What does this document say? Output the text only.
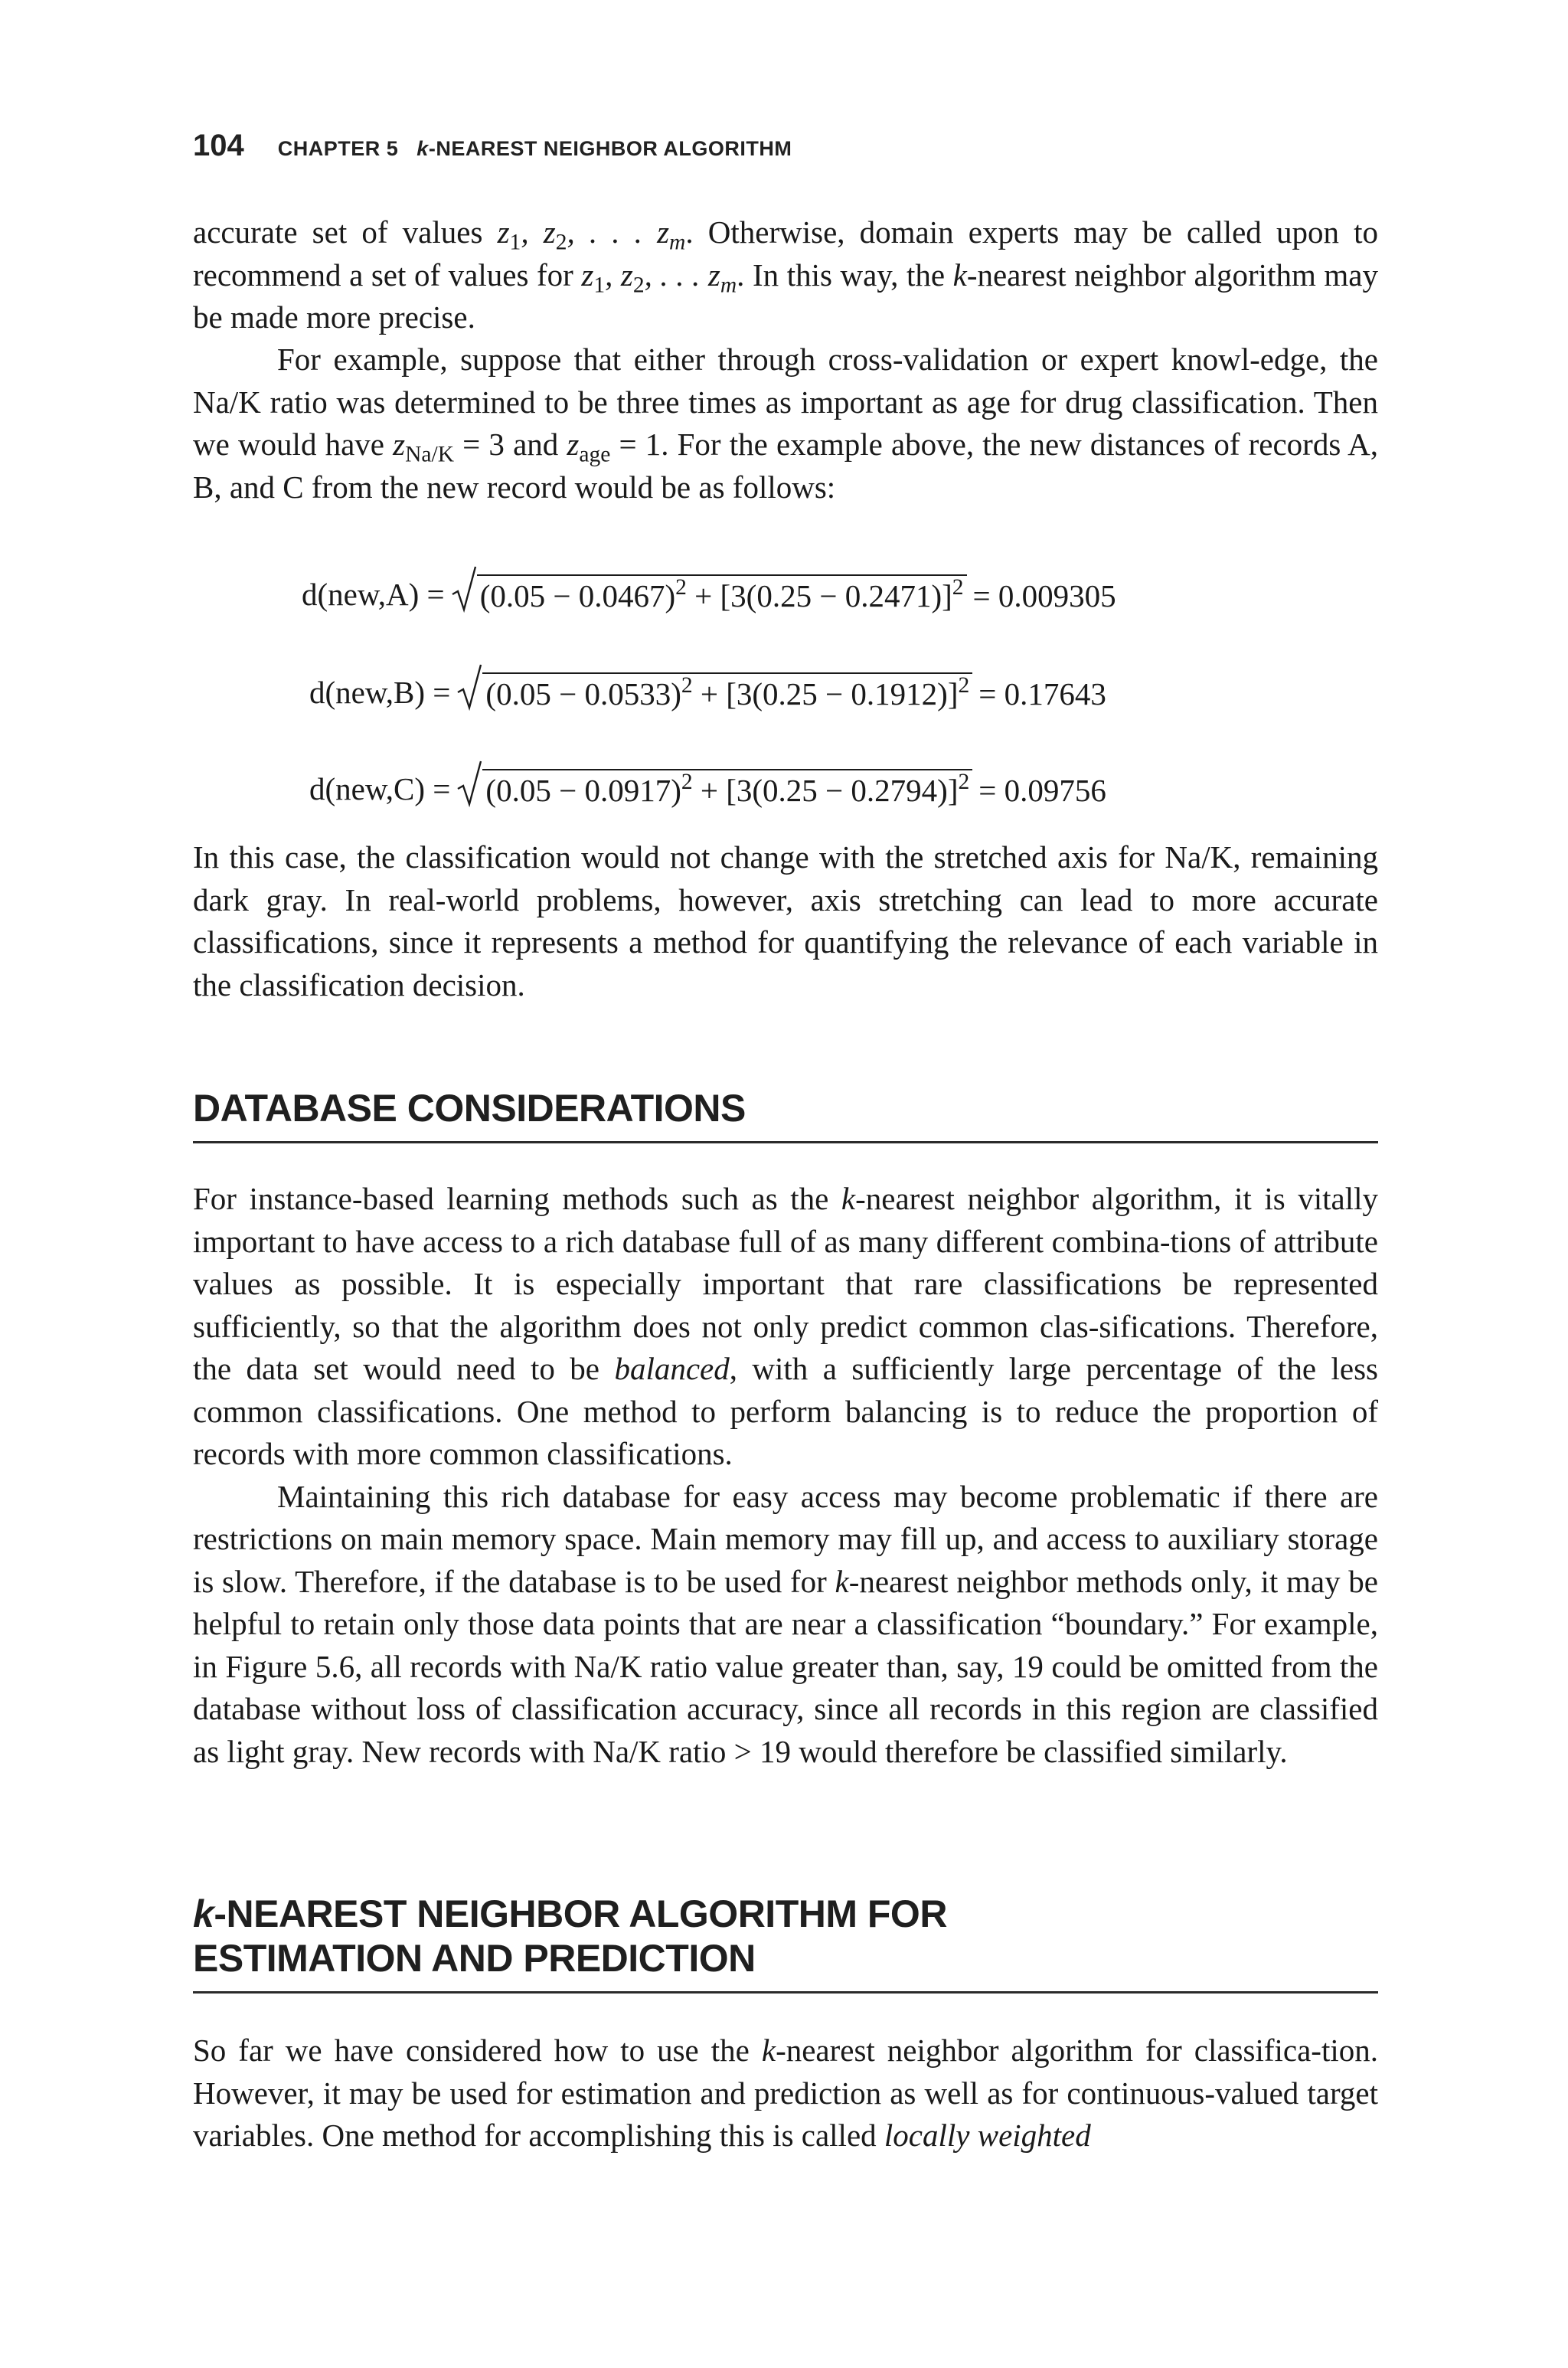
104 CHAPTER 5 k-NEAREST NEIGHBOR ALGORITHM

accurate set of values $z_1$, $z_2$, . . . $z_m$. Otherwise, domain experts may be called upon to recommend a set of values for $z_1$, $z_2$, . . . $z_m$. In this way, the k-nearest neighbor algorithm may be made more precise.

For example, suppose that either through cross-validation or expert knowl-edge, the Na/K ratio was determined to be three times as important as age for drug classification. Then we would have $z_{Na/K} = 3$ and $z_{age} = 1$. For the example above, the new distances of records A, B, and C from the new record would be as follows:

$d(new,A) = (0.05 - 0.0467)^2 + [3(0.25 - 0.2471)]^2 = 0.009305$
$d(new,B) = (0.05 - 0.0533)^2 + [3(0.25 - 0.1912)]^2 = 0.17643$
$d(new,C) = (0.05 - 0.0917)^2 + [3(0.25 - 0.2794)]^2 = 0.09756$

In this case, the classification would not change with the stretched axis for Na/K, remaining dark gray. In real-world problems, however, axis stretching can lead to more accurate classifications, since it represents a method for quantifying the relevance of each variable in the classification decision.

DATABASE CONSIDERATIONS

For instance-based learning methods such as the k-nearest neighbor algorithm, it is vitally important to have access to a rich database full of as many different combina-tions of attribute values as possible. It is especially important that rare classifications be represented sufficiently, so that the algorithm does not only predict common clas-sifications. Therefore, the data set would need to be balanced, with a sufficiently large percentage of the less common classifications. One method to perform balancing is to reduce the proportion of records with more common classifications.

Maintaining this rich database for easy access may become problematic if there are restrictions on main memory space. Main memory may fill up, and access to auxiliary storage is slow. Therefore, if the database is to be used for k-nearest neighbor methods only, it may be helpful to retain only those data points that are near a classification “boundary.” For example, in Figure 5.6, all records with Na/K ratio value greater than, say, 19 could be omitted from the database without loss of classification accuracy, since all records in this region are classified as light gray. New records with Na/K ratio > 19 would therefore be classified similarly.

k-NEAREST NEIGHBOR ALGORITHM FOR
ESTIMATION AND PREDICTION

So far we have considered how to use the k-nearest neighbor algorithm for classifica-tion. However, it may be used for estimation and prediction as well as for continuous-valued target variables. One method for accomplishing this is called locally weighted
